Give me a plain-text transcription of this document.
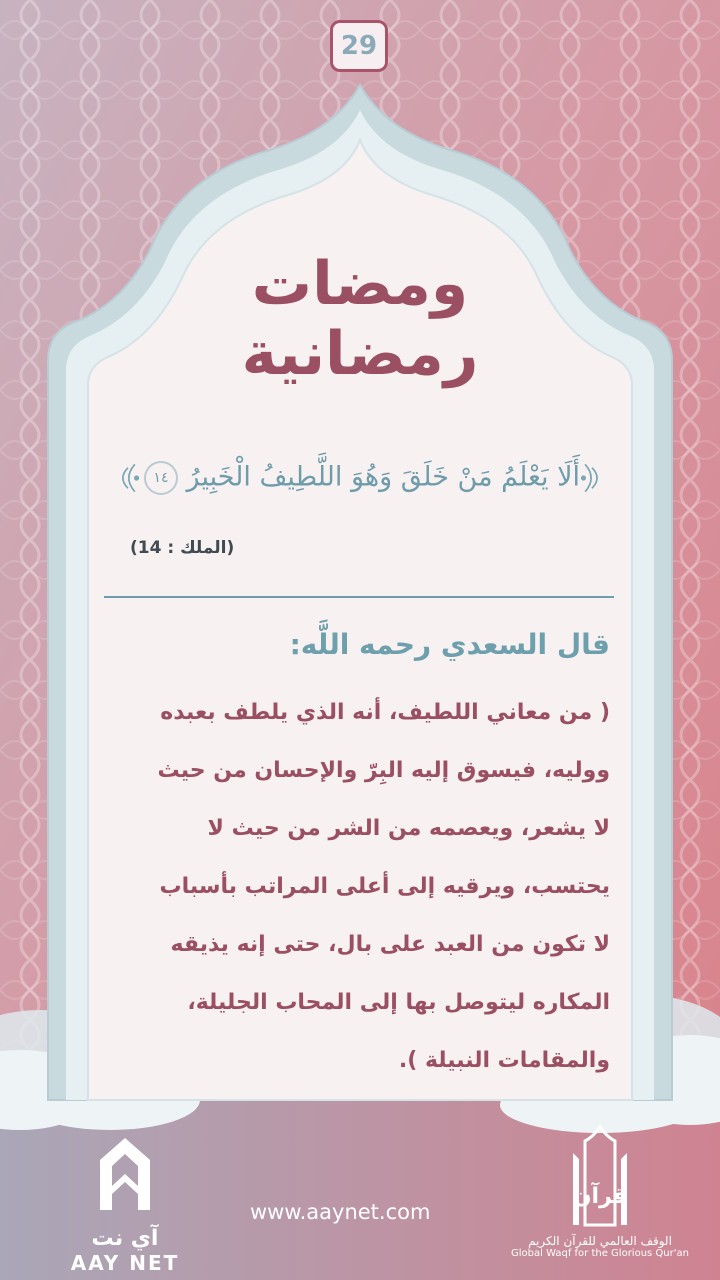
29
ومضات
رمضانية
أَلَا يَعْلَمُ مَنْ خَلَقَ وَهُوَ اللَّطِيفُ الْخَبِيرُ ١٤
(الملك : 14)
قال السعدي رحمه اللَّه:
( من معاني اللطيف، أنه الذي يلطف بعبده
ووليه، فيسوق إليه البِرّ والإحسان من حيث
لا يشعر، ويعصمه من الشر من حيث لا
يحتسب، ويرقيه إلى أعلى المراتب بأسباب
لا تكون من العبد على بال، حتى إنه يذيقه
المكاره ليتوصل بها إلى المحاب الجليلة،
والمقامات النبيلة ).
آي نت
AAY NET
www.aaynet.com
قرآن
الوقف العالمي للقرآن الكريم
Global Waqf for the Glorious Qur'an
